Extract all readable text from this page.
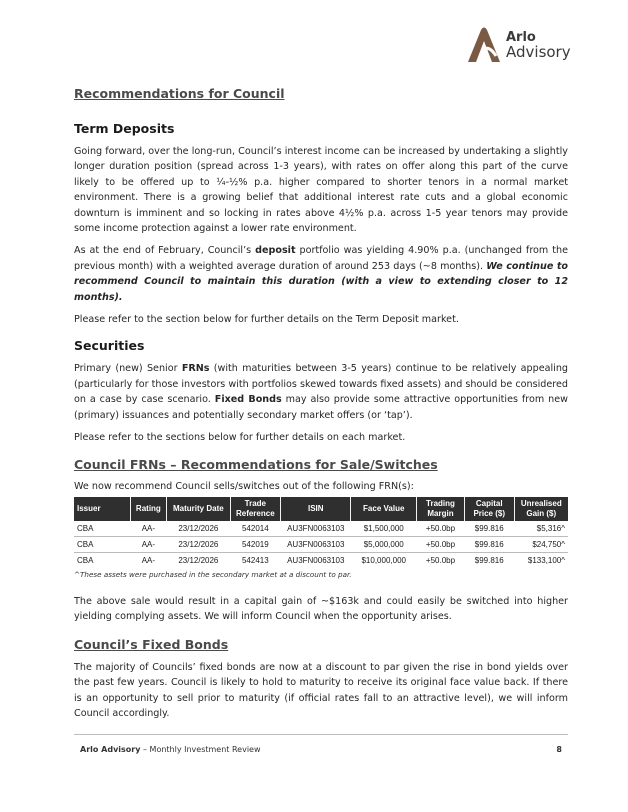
Arlo
Advisory
Recommendations for Council
Term Deposits

Going forward, over the long-run, Council’s interest income can be increased by undertaking a slightly longer duration position (spread across 1-3 years), with rates on offer along this part of the curve likely to be offered up to ¼-½% p.a. higher compared to shorter tenors in a normal market environment. There is a growing belief that additional interest rate cuts and a global economic downturn is imminent and so locking in rates above 4½% p.a. across 1-5 year tenors may provide some income protection against a lower rate environment.

As at the end of February, Council’s deposit portfolio was yielding 4.90% p.a. (unchanged from the previous month) with a weighted average duration of around 253 days (~8 months). We continue to recommend Council to maintain this duration (with a view to extending closer to 12 months).

Please refer to the section below for further details on the Term Deposit market.

Securities

Primary (new) Senior FRNs (with maturities between 3-5 years) continue to be relatively appealing (particularly for those investors with portfolios skewed towards fixed assets) and should be considered on a case by case scenario. Fixed Bonds may also provide some attractive opportunities from new (primary) issuances and potentially secondary market offers (or ‘tap’).

Please refer to the sections below for further details on each market.

Council FRNs – Recommendations for Sale/Switches

We now recommend Council sells/switches out of the following FRN(s):

Issuer	Rating	Maturity Date	Trade Reference	ISIN	Face Value	Trading Margin	Capital Price ($)	Unrealised Gain ($)
CBA	AA-	23/12/2026	542014	AU3FN0063103	$1,500,000	+50.0bp	$99.816	$5,316^
CBA	AA-	23/12/2026	542019	AU3FN0063103	$5,000,000	+50.0bp	$99.816	$24,750^
CBA	AA-	23/12/2026	542413	AU3FN0063103	$10,000,000	+50.0bp	$99.816	$133,100^
^These assets were purchased in the secondary market at a discount to par.

The above sale would result in a capital gain of ~$163k and could easily be switched into higher yielding complying assets. We will inform Council when the opportunity arises.

Council’s Fixed Bonds

The majority of Councils’ fixed bonds are now at a discount to par given the rise in bond yields over the past few years. Council is likely to hold to maturity to receive its original face value back. If there is an opportunity to sell prior to maturity (if official rates fall to an attractive level), we will inform Council accordingly.

Arlo Advisory – Monthly Investment Review	8
